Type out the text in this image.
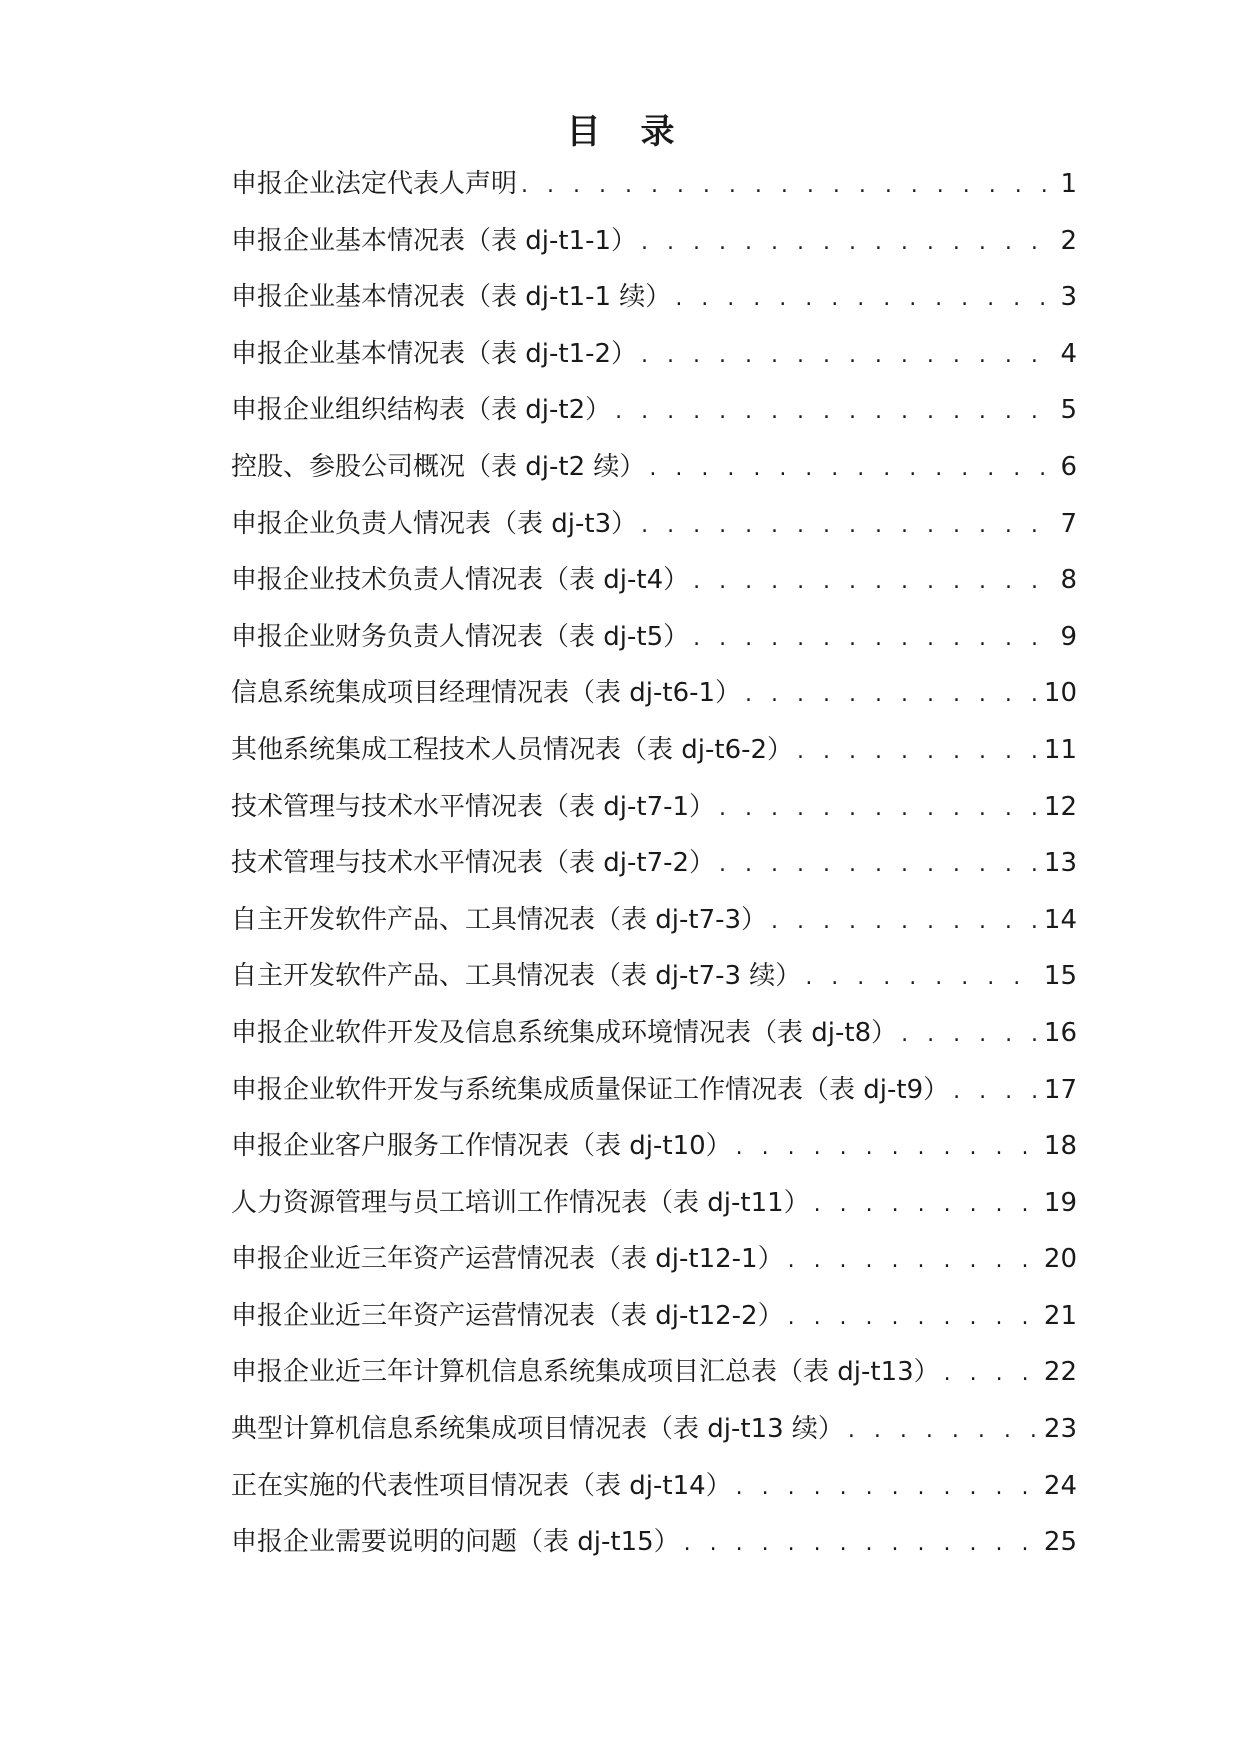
目 录
申报企业法定代表人声明 . . .	1
申报企业基本情况表（表 dj-t1-1） . . .	2
申报企业基本情况表（表 dj-t1-1 续） . . .	3
申报企业基本情况表（表 dj-t1-2） . . .	4
申报企业组织结构表（表 dj-t2） . . .	5
控股、参股公司概况（表 dj-t2 续） . . .	6
申报企业负责人情况表（表 dj-t3） . . .	7
申报企业技术负责人情况表（表 dj-t4） . . .	8
申报企业财务负责人情况表（表 dj-t5） . . .	9
信息系统集成项目经理情况表（表 dj-t6-1） . . .	10
其他系统集成工程技术人员情况表（表 dj-t6-2） . . .	11
技术管理与技术水平情况表（表 dj-t7-1） . . .	12
技术管理与技术水平情况表（表 dj-t7-2） . . .	13
自主开发软件产品、工具情况表（表 dj-t7-3） . . .	14
自主开发软件产品、工具情况表（表 dj-t7-3 续） . . .	15
申报企业软件开发及信息系统集成环境情况表（表 dj-t8） . . .	16
申报企业软件开发与系统集成质量保证工作情况表（表 dj-t9） . . .	17
申报企业客户服务工作情况表（表 dj-t10） . . .	18
人力资源管理与员工培训工作情况表（表 dj-t11） . . .	19
申报企业近三年资产运营情况表（表 dj-t12-1） . . .	20
申报企业近三年资产运营情况表（表 dj-t12-2） . . .	21
申报企业近三年计算机信息系统集成项目汇总表（表 dj-t13） . . .	22
典型计算机信息系统集成项目情况表（表 dj-t13 续） . . .	23
正在实施的代表性项目情况表（表 dj-t14） . . .	24
申报企业需要说明的问题（表 dj-t15） . . .	25
